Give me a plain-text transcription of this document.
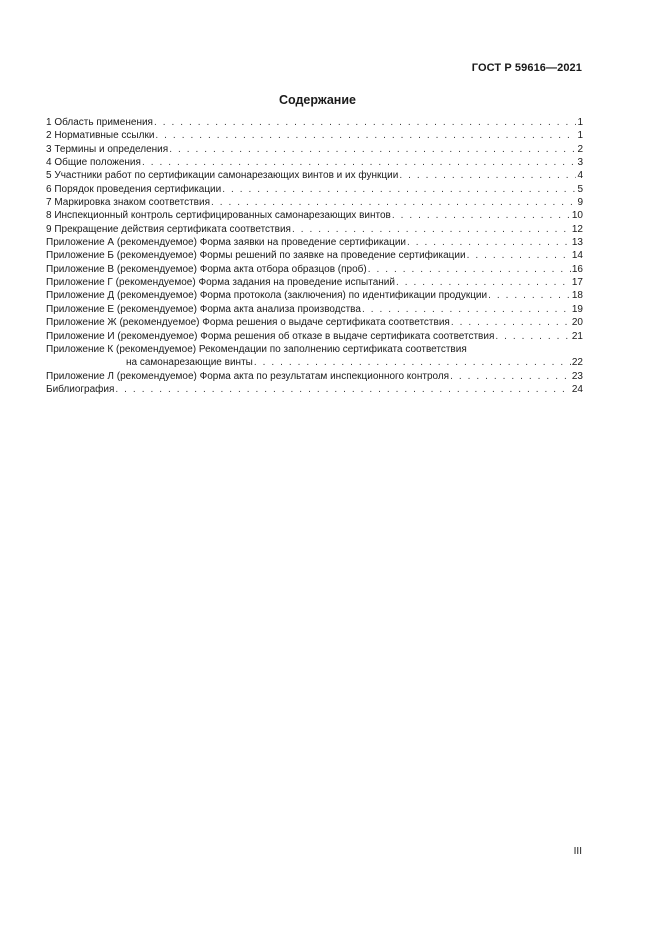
ГОСТ Р 59616—2021
Содержание
1 Область применения . . .	1
2 Нормативные ссылки . . .	1
3 Термины и определения . . .	2
4 Общие положения . . .	3
5 Участники работ по сертификации самонарезающих винтов и их функции . . .	4
6 Порядок проведения сертификации . . .	5
7 Маркировка знаком соответствия . . .	9
8 Инспекционный контроль сертифицированных самонарезающих винтов . . .	10
9 Прекращение действия сертификата соответствия . . .	12
Приложение А (рекомендуемое) Форма заявки на проведение сертификации . . .	13
Приложение Б (рекомендуемое) Формы решений по заявке на проведение сертификации . . .	14
Приложение В (рекомендуемое) Форма акта отбора образцов (проб) . . .	16
Приложение Г (рекомендуемое) Форма задания на проведение испытаний . . .	17
Приложение Д (рекомендуемое) Форма протокола (заключения) по идентификации продукции . . .	18
Приложение Е (рекомендуемое) Форма акта анализа производства . . .	19
Приложение Ж (рекомендуемое) Форма решения о выдаче сертификата соответствия . . .	20
Приложение И (рекомендуемое) Форма решения об отказе в выдаче сертификата соответствия . . .	21
Приложение К (рекомендуемое) Рекомендации по заполнению сертификата соответствия
на самонарезающие винты . . .	22
Приложение Л (рекомендуемое) Форма акта по результатам инспекционного контроля . . .	23
Библиография . . .	24
III
